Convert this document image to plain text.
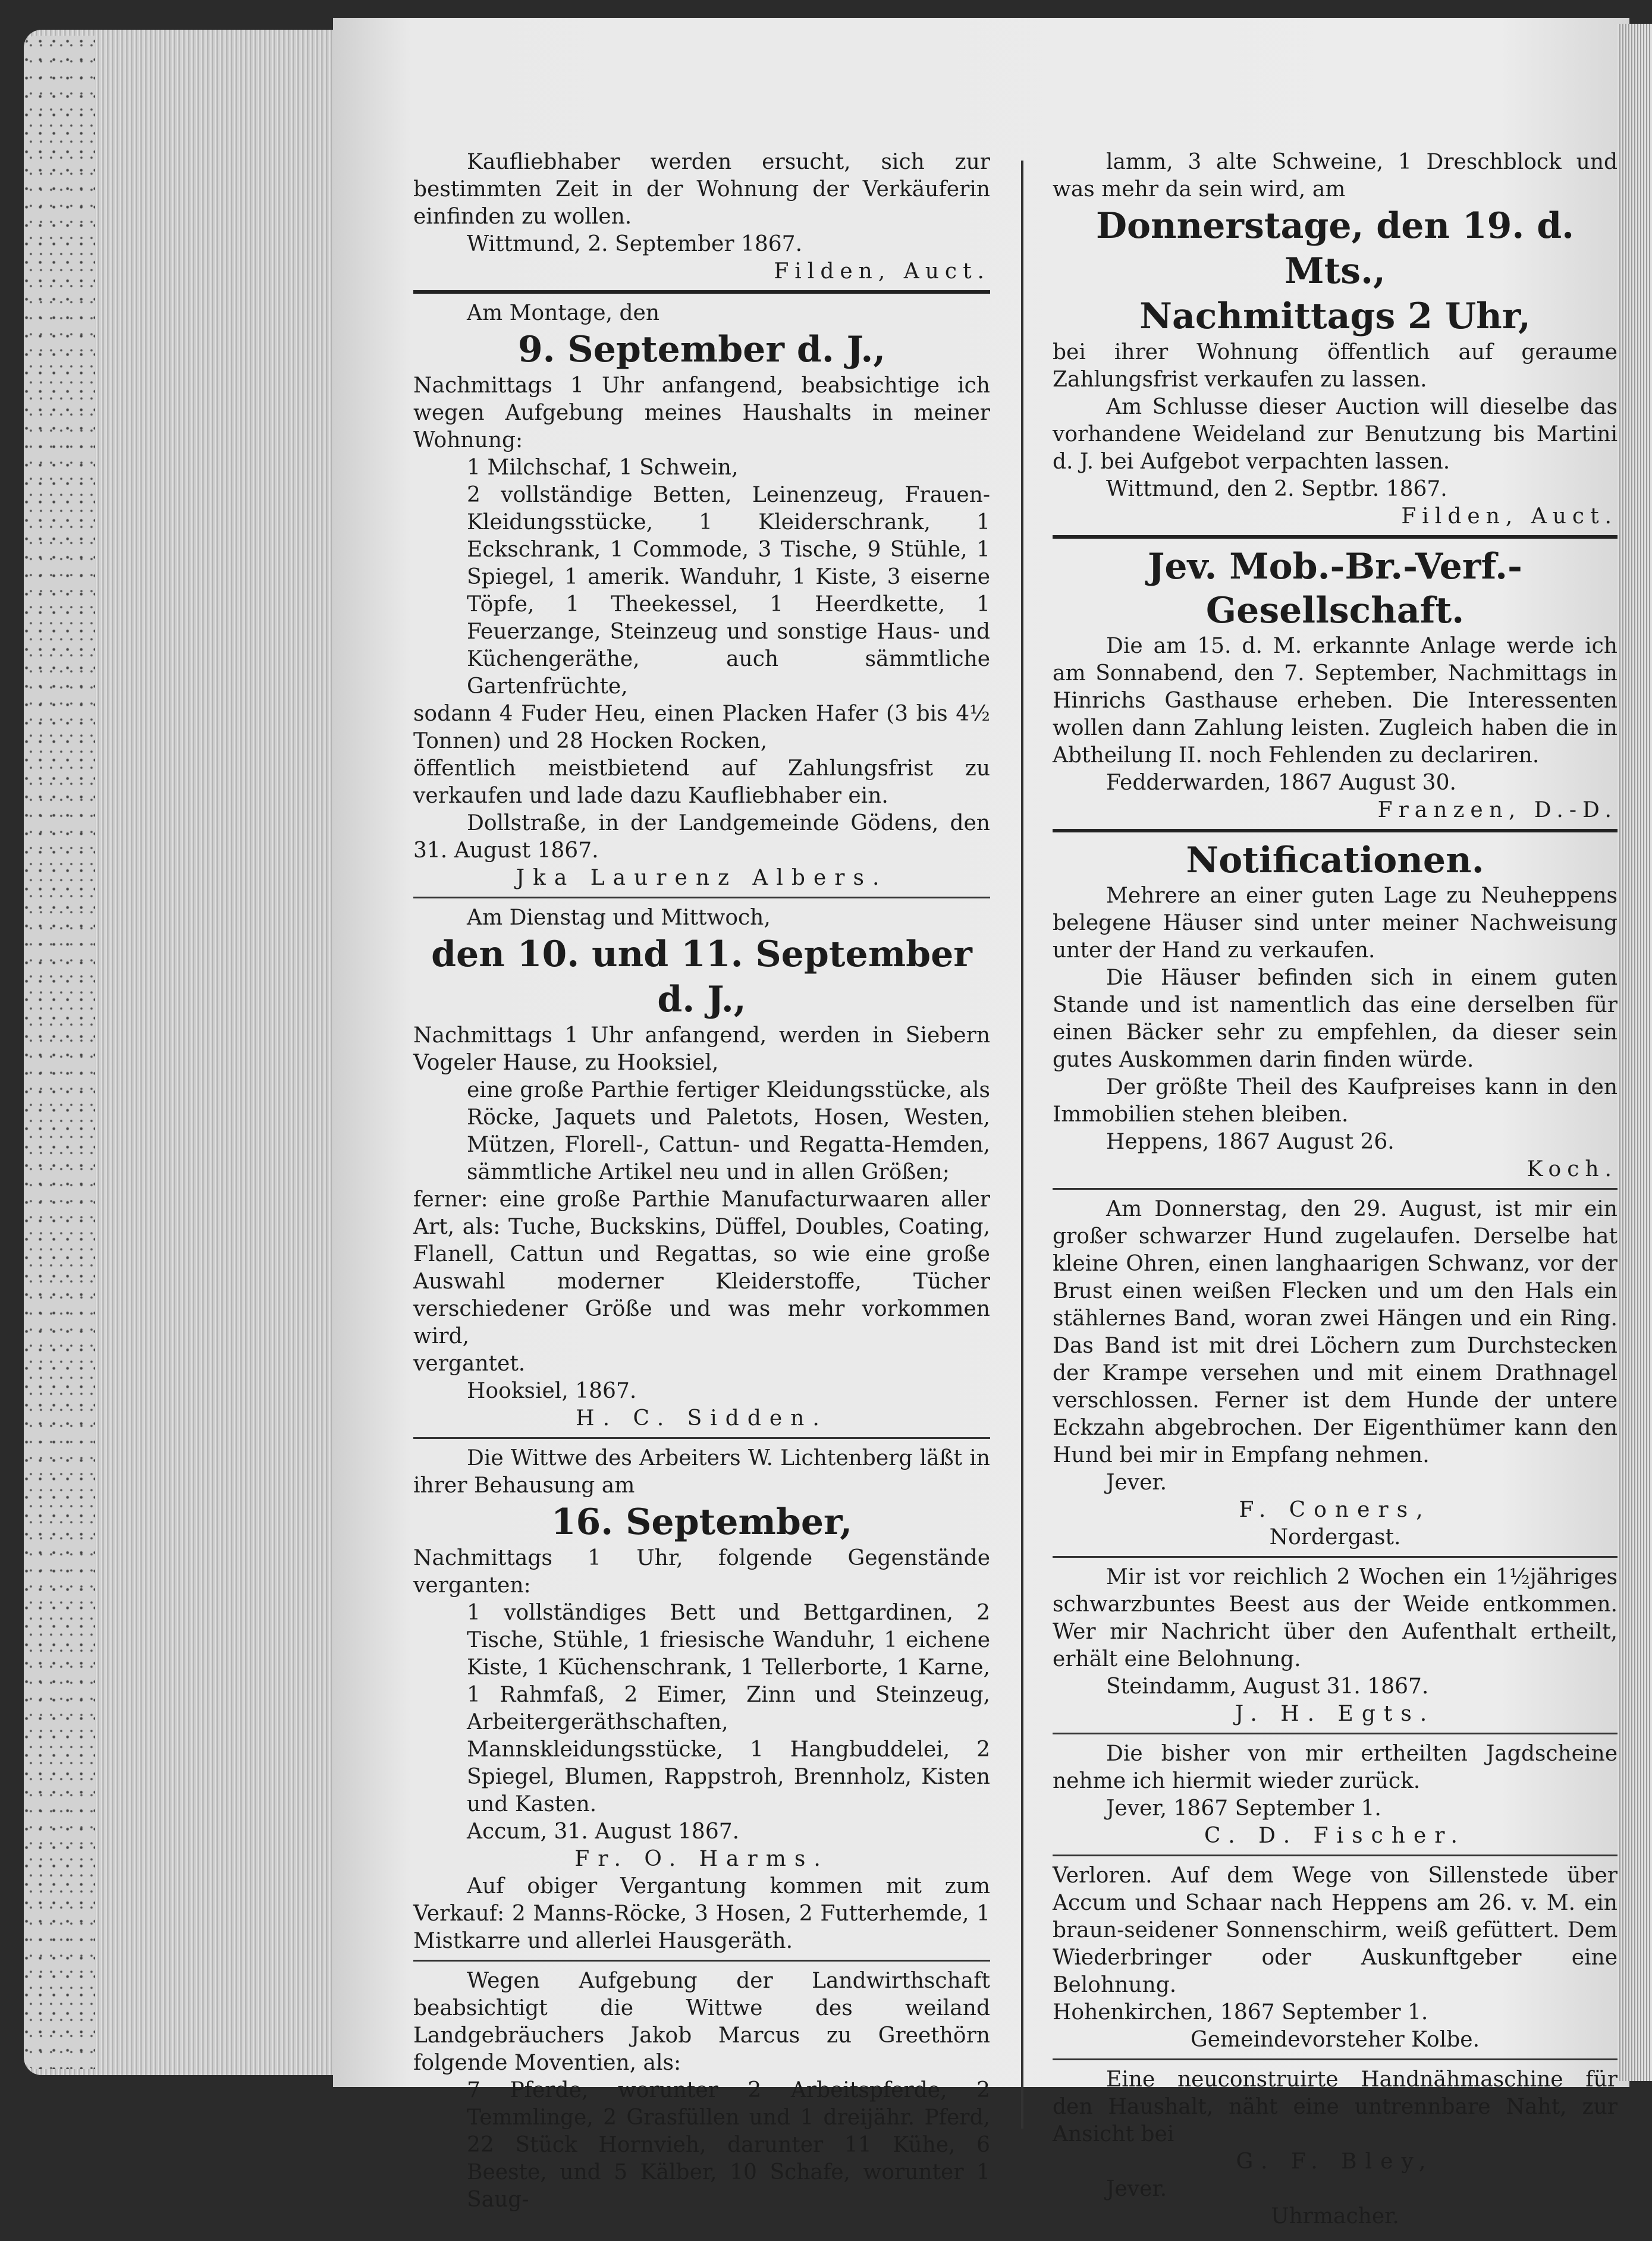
Kaufliebhaber werden ersucht, sich zur bestimmten Zeit in der Wohnung der Verkäuferin einfinden zu wollen.

Wittmund, 2. September 1867.

Filden, Auct.

Am Montage, den

9. September d. J.,

Nachmittags 1 Uhr anfangend, beabsichtige ich wegen Aufgebung meines Haushalts in meiner Wohnung:

1 Milchschaf, 1 Schwein,

2 vollständige Betten, Leinenzeug, Frauen-Kleidungsstücke, 1 Kleiderschrank, 1 Eckschrank, 1 Commode, 3 Tische, 9 Stühle, 1 Spiegel, 1 amerik. Wanduhr, 1 Kiste, 3 eiserne Töpfe, 1 Theekessel, 1 Heerdkette, 1 Feuerzange, Steinzeug und sonstige Haus- und Küchengeräthe, auch sämmtliche Gartenfrüchte,

sodann 4 Fuder Heu, einen Placken Hafer (3 bis 4½ Tonnen) und 28 Hocken Rocken,

öffentlich meistbietend auf Zahlungsfrist zu verkaufen und lade dazu Kaufliebhaber ein.

Dollstraße, in der Landgemeinde Gödens, den 31. August 1867.

Jka Laurenz Albers.

Am Dienstag und Mittwoch,

den 10. und 11. September d. J.,

Nachmittags 1 Uhr anfangend, werden in Siebern Vogeler Hause, zu Hooksiel,

eine große Parthie fertiger Kleidungsstücke, als Röcke, Jaquets und Paletots, Hosen, Westen, Mützen, Florell-, Cattun- und Regatta-Hemden, sämmtliche Artikel neu und in allen Größen;

ferner: eine große Parthie Manufacturwaaren aller Art, als: Tuche, Buckskins, Düffel, Doubles, Coating, Flanell, Cattun und Regattas, so wie eine große Auswahl moderner Kleiderstoffe, Tücher verschiedener Größe und was mehr vorkommen wird,

vergantet.

Hooksiel, 1867.

H. C. Sidden.

Die Wittwe des Arbeiters W. Lichtenberg läßt in ihrer Behausung am

16. September,

Nachmittags 1 Uhr, folgende Gegenstände verganten:

1 vollständiges Bett und Bettgardinen, 2 Tische, Stühle, 1 friesische Wanduhr, 1 eichene Kiste, 1 Küchenschrank, 1 Tellerborte, 1 Karne, 1 Rahmfaß, 2 Eimer, Zinn und Steinzeug, Arbeitergeräthschaften, Mannskleidungsstücke, 1 Hangbuddelei, 2 Spiegel, Blumen, Rappstroh, Brennholz, Kisten und Kasten.

Accum, 31. August 1867.

Fr. O. Harms.

Auf obiger Vergantung kommen mit zum Verkauf: 2 Manns-Röcke, 3 Hosen, 2 Futterhemde, 1 Mistkarre und allerlei Hausgeräth.

Wegen Aufgebung der Landwirthschaft beabsichtigt die Wittwe des weiland Landgebräuchers Jakob Marcus zu Greethörn folgende Moventien, als:

7 Pferde, worunter 2 Arbeitspferde, 2 Temmlinge, 2 Grasfüllen und 1 dreijähr. Pferd, 22 Stück Hornvieh, darunter 11 Kühe, 6 Beeste, und 5 Kälber, 10 Schafe, worunter 1 Saug-

lamm, 3 alte Schweine, 1 Dreschblock und was mehr da sein wird, am

Donnerstage, den 19. d. Mts.,

Nachmittags 2 Uhr,

bei ihrer Wohnung öffentlich auf geraume Zahlungsfrist verkaufen zu lassen.

Am Schlusse dieser Auction will dieselbe das vorhandene Weideland zur Benutzung bis Martini d. J. bei Aufgebot verpachten lassen.

Wittmund, den 2. Septbr. 1867.

Filden, Auct.

Jev. Mob.-Br.-Verf.-Gesellschaft.

Die am 15. d. M. erkannte Anlage werde ich am Sonnabend, den 7. September, Nachmittags in Hinrichs Gasthause erheben. Die Interessenten wollen dann Zahlung leisten. Zugleich haben die in Abtheilung II. noch Fehlenden zu declariren.

Fedderwarden, 1867 August 30.

Franzen, D.-D.

Notificationen.

Mehrere an einer guten Lage zu Neuheppens belegene Häuser sind unter meiner Nachweisung unter der Hand zu verkaufen.

Die Häuser befinden sich in einem guten Stande und ist namentlich das eine derselben für einen Bäcker sehr zu empfehlen, da dieser sein gutes Auskommen darin finden würde.

Der größte Theil des Kaufpreises kann in den Immobilien stehen bleiben.

Heppens, 1867 August 26.

Koch.

Am Donnerstag, den 29. August, ist mir ein großer schwarzer Hund zugelaufen. Derselbe hat kleine Ohren, einen langhaarigen Schwanz, vor der Brust einen weißen Flecken und um den Hals ein stählernes Band, woran zwei Hängen und ein Ring. Das Band ist mit drei Löchern zum Durchstecken der Krampe versehen und mit einem Drathnagel verschlossen. Ferner ist dem Hunde der untere Eckzahn abgebrochen. Der Eigenthümer kann den Hund bei mir in Empfang nehmen.

Jever.

F. Coners,

Nordergast.

Mir ist vor reichlich 2 Wochen ein 1½jähriges schwarzbuntes Beest aus der Weide entkommen. Wer mir Nachricht über den Aufenthalt ertheilt, erhält eine Belohnung.

Steindamm, August 31. 1867.

J. H. Egts.

Die bisher von mir ertheilten Jagdscheine nehme ich hiermit wieder zurück.

Jever, 1867 September 1.

C. D. Fischer.

Verloren. Auf dem Wege von Sillenstede über Accum und Schaar nach Heppens am 26. v. M. ein braun-seidener Sonnenschirm, weiß gefüttert. Dem Wiederbringer oder Auskunftgeber eine Belohnung.

Hohenkirchen, 1867 September 1.

Gemeindevorsteher Kolbe.

Eine neuconstruirte Handnähmaschine für den Haushalt, näht eine untrennbare Naht, zur Ansicht bei

G. F. Bley,

Jever.

Uhrmacher.
